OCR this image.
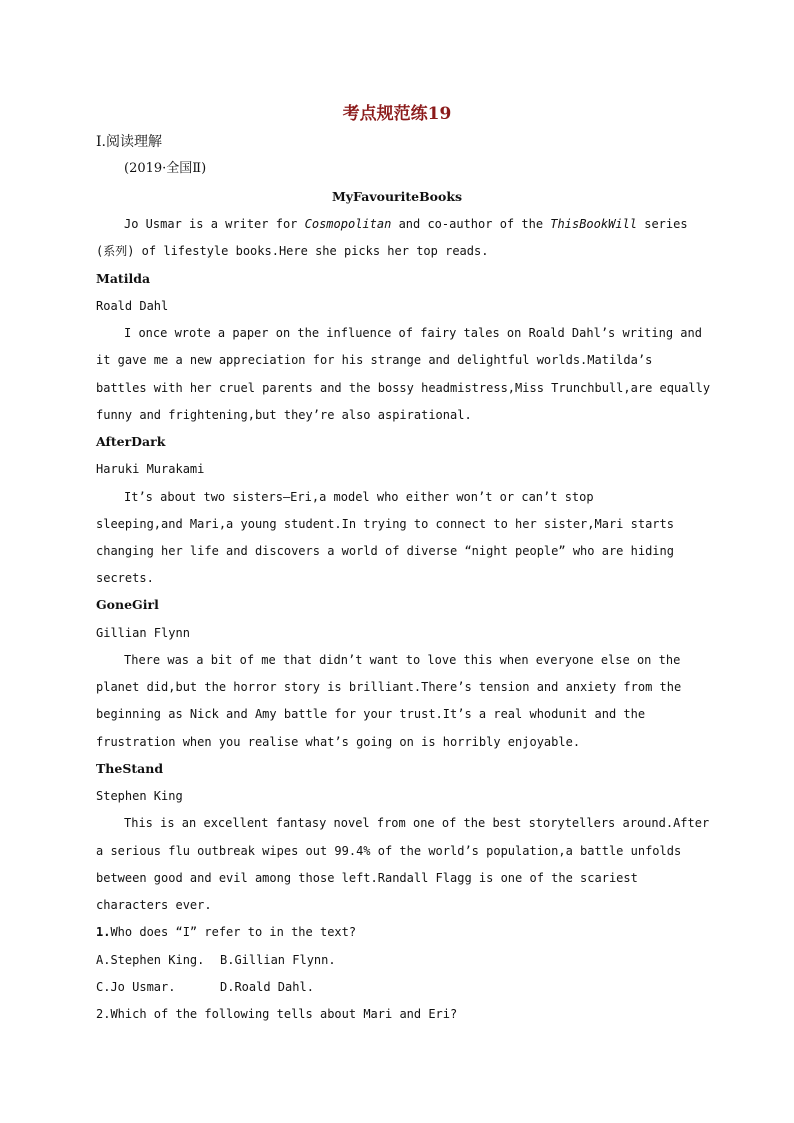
考点规范练19
Ⅰ.阅读理解
(2019·全国Ⅱ)
MyFavouriteBooks
Jo Usmar is a writer for Cosmopolitan and co-author of the ThisBookWill series
(系列) of lifestyle books.Here she picks her top reads.
Matilda
Roald Dahl
I once wrote a paper on the influence of fairy tales on Roald Dahl’s writing and
it gave me a new appreciation for his strange and delightful worlds.Matilda’s
battles with her cruel parents and the bossy headmistress,Miss Trunchbull,are equally
funny and frightening,but they’re also aspirational.
AfterDark
Haruki Murakami
It’s about two sisters—Eri,a model who either won’t or can’t stop
sleeping,and Mari,a young student.In trying to connect to her sister,Mari starts
changing her life and discovers a world of diverse “night people” who are hiding
secrets.
GoneGirl
Gillian Flynn
There was a bit of me that didn’t want to love this when everyone else on the
planet did,but the horror story is brilliant.There’s tension and anxiety from the
beginning as Nick and Amy battle for your trust.It’s a real whodunit and the
frustration when you realise what’s going on is horribly enjoyable.
TheStand
Stephen King
This is an excellent fantasy novel from one of the best storytellers around.After
a serious flu outbreak wipes out 99.4% of the world’s population,a battle unfolds
between good and evil among those left.Randall Flagg is one of the scariest
characters ever.
1.Who does “I” refer to in the text?
A.Stephen King. B.Gillian Flynn.
C.Jo Usmar.	D.Roald Dahl.
2.Which of the following tells about Mari and Eri?
